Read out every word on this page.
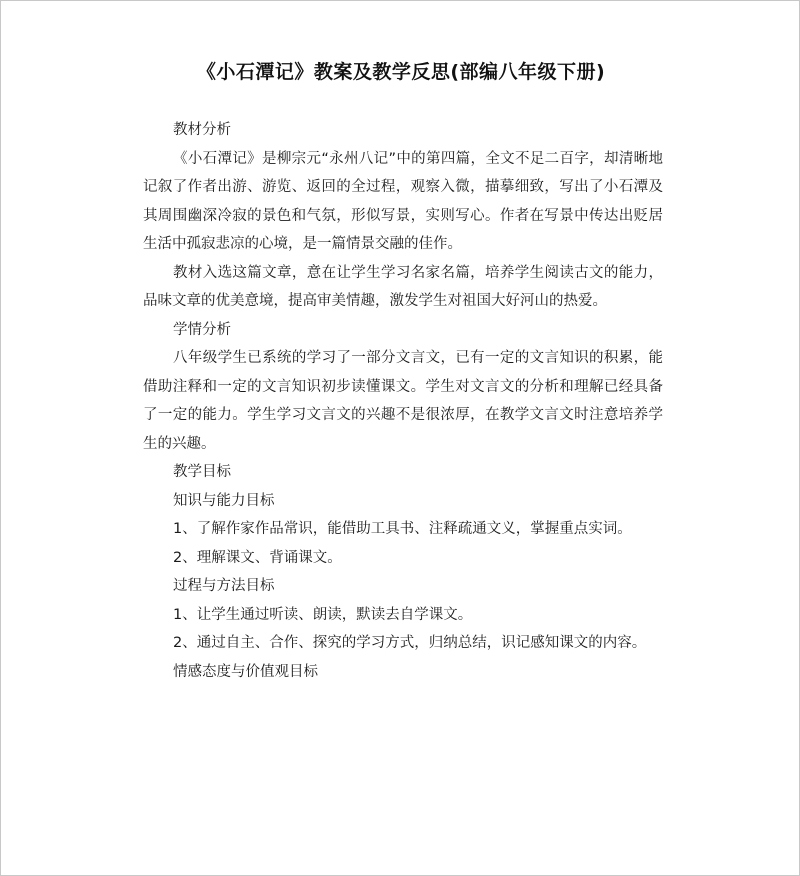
《小石潭记》教案及教学反思(部编八年级下册)

教材分析

《小石潭记》是柳宗元“永州八记”中的第四篇，全文不足二百字，却清晰地记叙了作者出游、游览、返回的全过程，观察入微，描摹细致，写出了小石潭及其周围幽深冷寂的景色和气氛，形似写景，实则写心。作者在写景中传达出贬居生活中孤寂悲凉的心境，是一篇情景交融的佳作。

教材入选这篇文章，意在让学生学习名家名篇，培养学生阅读古文的能力，品味文章的优美意境，提高审美情趣，激发学生对祖国大好河山的热爱。

学情分析

八年级学生已系统的学习了一部分文言文，已有一定的文言知识的积累，能借助注释和一定的文言知识初步读懂课文。学生对文言文的分析和理解已经具备了一定的能力。学生学习文言文的兴趣不是很浓厚，在教学文言文时注意培养学生的兴趣。

教学目标

知识与能力目标

1、了解作家作品常识，能借助工具书、注释疏通文义，掌握重点实词。

2、理解课文、背诵课文。

过程与方法目标

1、让学生通过听读、朗读，默读去自学课文。

2、通过自主、合作、探究的学习方式，归纳总结，识记感知课文的内容。

情感态度与价值观目标
